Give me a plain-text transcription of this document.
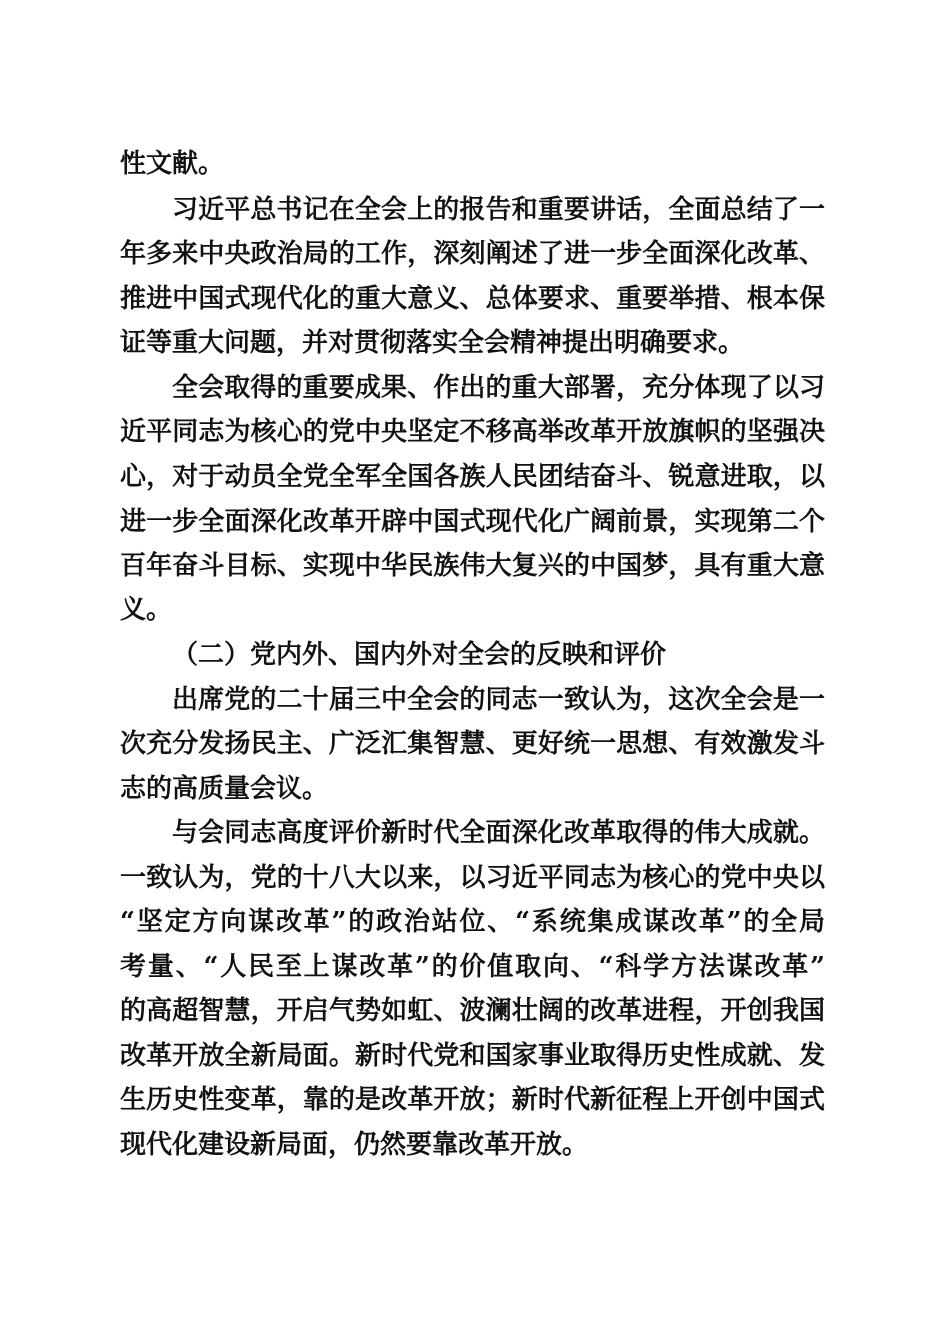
性文献。
习近平总书记在全会上的报告和重要讲话，全面总结了一
年多来中央政治局的工作，深刻阐述了进一步全面深化改革、
推进中国式现代化的重大意义、总体要求、重要举措、根本保
证等重大问题，并对贯彻落实全会精神提出明确要求。
全会取得的重要成果、作出的重大部署，充分体现了以习
近平同志为核心的党中央坚定不移高举改革开放旗帜的坚强决
心，对于动员全党全军全国各族人民团结奋斗、锐意进取，以
进一步全面深化改革开辟中国式现代化广阔前景，实现第二个
百年奋斗目标、实现中华民族伟大复兴的中国梦，具有重大意
义。
（二）党内外、国内外对全会的反映和评价
出席党的二十届三中全会的同志一致认为，这次全会是一
次充分发扬民主、广泛汇集智慧、更好统一思想、有效激发斗
志的高质量会议。
与会同志高度评价新时代全面深化改革取得的伟大成就。
一致认为，党的十八大以来，以习近平同志为核心的党中央以
“坚定方向谋改革”的政治站位、“系统集成谋改革”的全局
考量、“人民至上谋改革”的价值取向、“科学方法谋改革”
的高超智慧，开启气势如虹、波澜壮阔的改革进程，开创我国
改革开放全新局面。新时代党和国家事业取得历史性成就、发
生历史性变革，靠的是改革开放；新时代新征程上开创中国式
现代化建设新局面，仍然要靠改革开放。
